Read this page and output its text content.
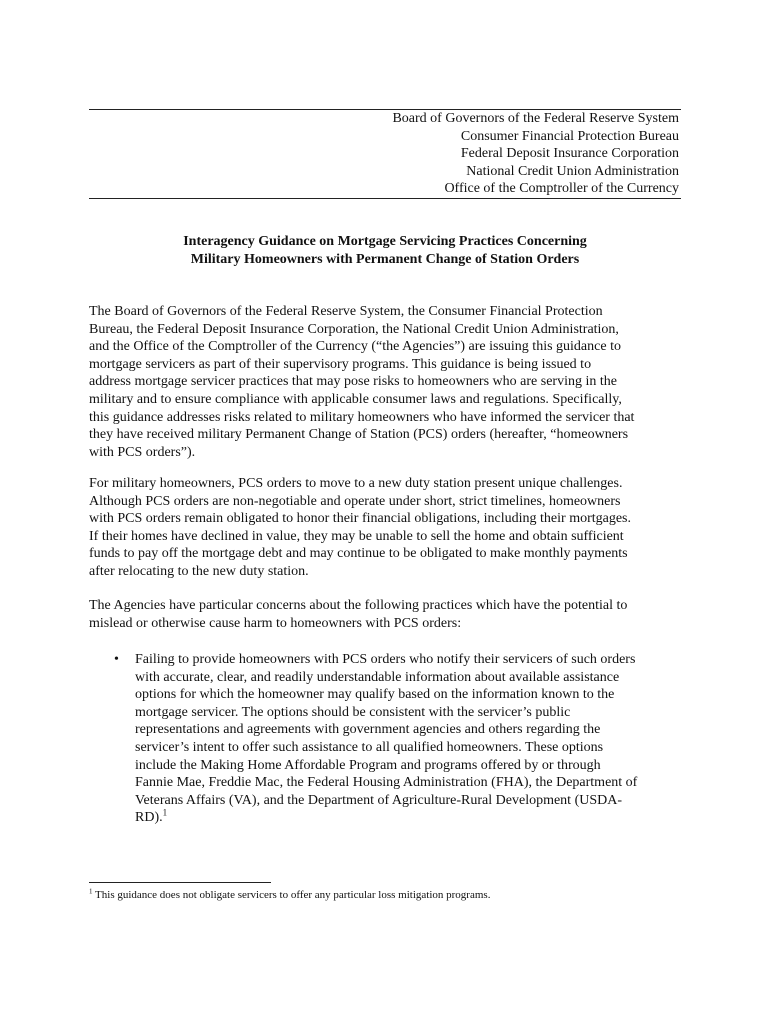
Board of Governors of the Federal Reserve System
Consumer Financial Protection Bureau
Federal Deposit Insurance Corporation
National Credit Union Administration
Office of the Comptroller of the Currency
Interagency Guidance on Mortgage Servicing Practices Concerning
Military Homeowners with Permanent Change of Station Orders
The Board of Governors of the Federal Reserve System, the Consumer Financial Protection
Bureau, the Federal Deposit Insurance Corporation, the National Credit Union Administration,
and the Office of the Comptroller of the Currency (“the Agencies”) are issuing this guidance to
mortgage servicers as part of their supervisory programs. This guidance is being issued to
address mortgage servicer practices that may pose risks to homeowners who are serving in the
military and to ensure compliance with applicable consumer laws and regulations. Specifically,
this guidance addresses risks related to military homeowners who have informed the servicer that
they have received military Permanent Change of Station (PCS) orders (hereafter, “homeowners
with PCS orders”).
For military homeowners, PCS orders to move to a new duty station present unique challenges.
Although PCS orders are non-negotiable and operate under short, strict timelines, homeowners
with PCS orders remain obligated to honor their financial obligations, including their mortgages.
If their homes have declined in value, they may be unable to sell the home and obtain sufficient
funds to pay off the mortgage debt and may continue to be obligated to make monthly payments
after relocating to the new duty station.
The Agencies have particular concerns about the following practices which have the potential to
mislead or otherwise cause harm to homeowners with PCS orders:
• Failing to provide homeowners with PCS orders who notify their servicers of such orders
with accurate, clear, and readily understandable information about available assistance
options for which the homeowner may qualify based on the information known to the
mortgage servicer. The options should be consistent with the servicer’s public
representations and agreements with government agencies and others regarding the
servicer’s intent to offer such assistance to all qualified homeowners. These options
include the Making Home Affordable Program and programs offered by or through
Fannie Mae, Freddie Mac, the Federal Housing Administration (FHA), the Department of
Veterans Affairs (VA), and the Department of Agriculture-Rural Development (USDA-
RD).$^1$
$^1$ This guidance does not obligate servicers to offer any particular loss mitigation programs.
